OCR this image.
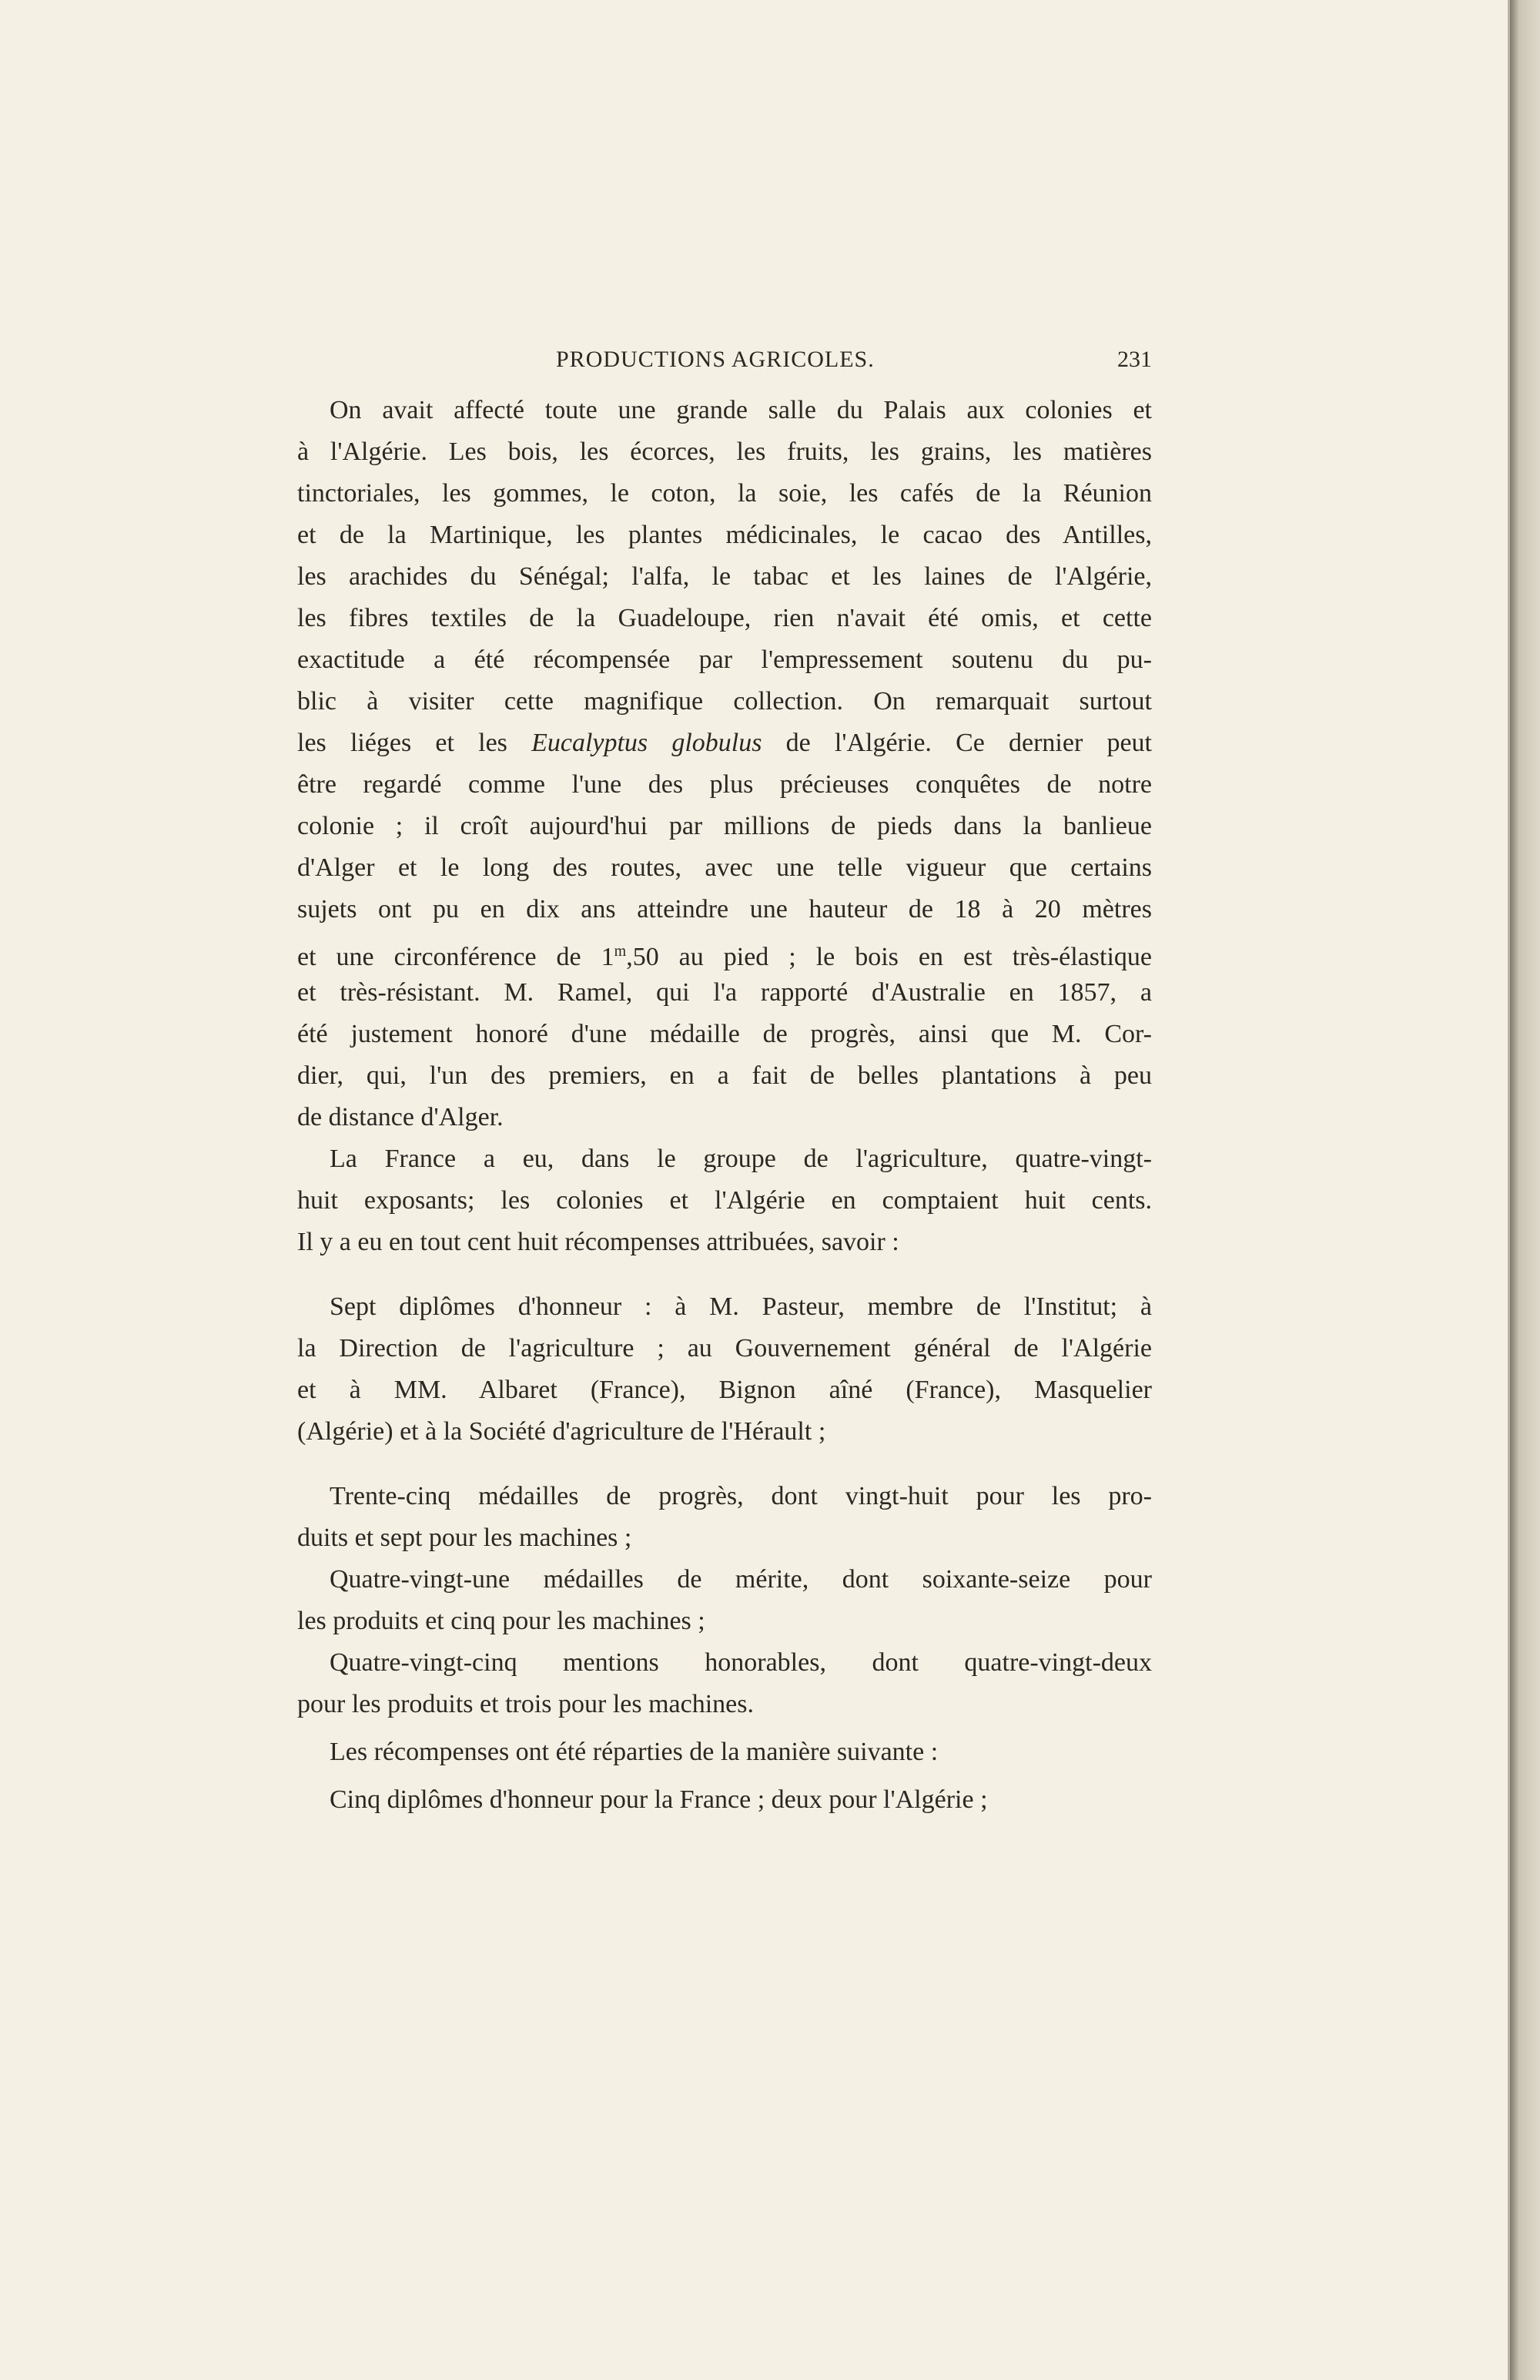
PRODUCTIONS AGRICOLES.	231
On avait affecté toute une grande salle du Palais aux colonies et
à l'Algérie. Les bois, les écorces, les fruits, les grains, les matières
tinctoriales, les gommes, le coton, la soie, les cafés de la Réunion
et de la Martinique, les plantes médicinales, le cacao des Antilles,
les arachides du Sénégal; l'alfa, le tabac et les laines de l'Algérie,
les fibres textiles de la Guadeloupe, rien n'avait été omis, et cette
exactitude a été récompensée par l'empressement soutenu du pu-
blic à visiter cette magnifique collection. On remarquait surtout
les liéges et les Eucalyptus globulus de l'Algérie. Ce dernier peut
être regardé comme l'une des plus précieuses conquêtes de notre
colonie ; il croît aujourd'hui par millions de pieds dans la banlieue
d'Alger et le long des routes, avec une telle vigueur que certains
sujets ont pu en dix ans atteindre une hauteur de 18 à 20 mètres
et une circonférence de 1$^m$,50 au pied ; le bois en est très-élastique
et très-résistant. M. Ramel, qui l'a rapporté d'Australie en 1857, a
été justement honoré d'une médaille de progrès, ainsi que M. Cor-
dier, qui, l'un des premiers, en a fait de belles plantations à peu
de distance d'Alger.
La France a eu, dans le groupe de l'agriculture, quatre-vingt-
huit exposants; les colonies et l'Algérie en comptaient huit cents.
Il y a eu en tout cent huit récompenses attribuées, savoir :
Sept diplômes d'honneur : à M. Pasteur, membre de l'Institut; à
la Direction de l'agriculture ; au Gouvernement général de l'Algérie
et à MM. Albaret (France), Bignon aîné (France), Masquelier
(Algérie) et à la Société d'agriculture de l'Hérault ;
Trente-cinq médailles de progrès, dont vingt-huit pour les pro-
duits et sept pour les machines ;
Quatre-vingt-une médailles de mérite, dont soixante-seize pour
les produits et cinq pour les machines ;
Quatre-vingt-cinq mentions honorables, dont quatre-vingt-deux
pour les produits et trois pour les machines.
Les récompenses ont été réparties de la manière suivante :
Cinq diplômes d'honneur pour la France ; deux pour l'Algérie ;
